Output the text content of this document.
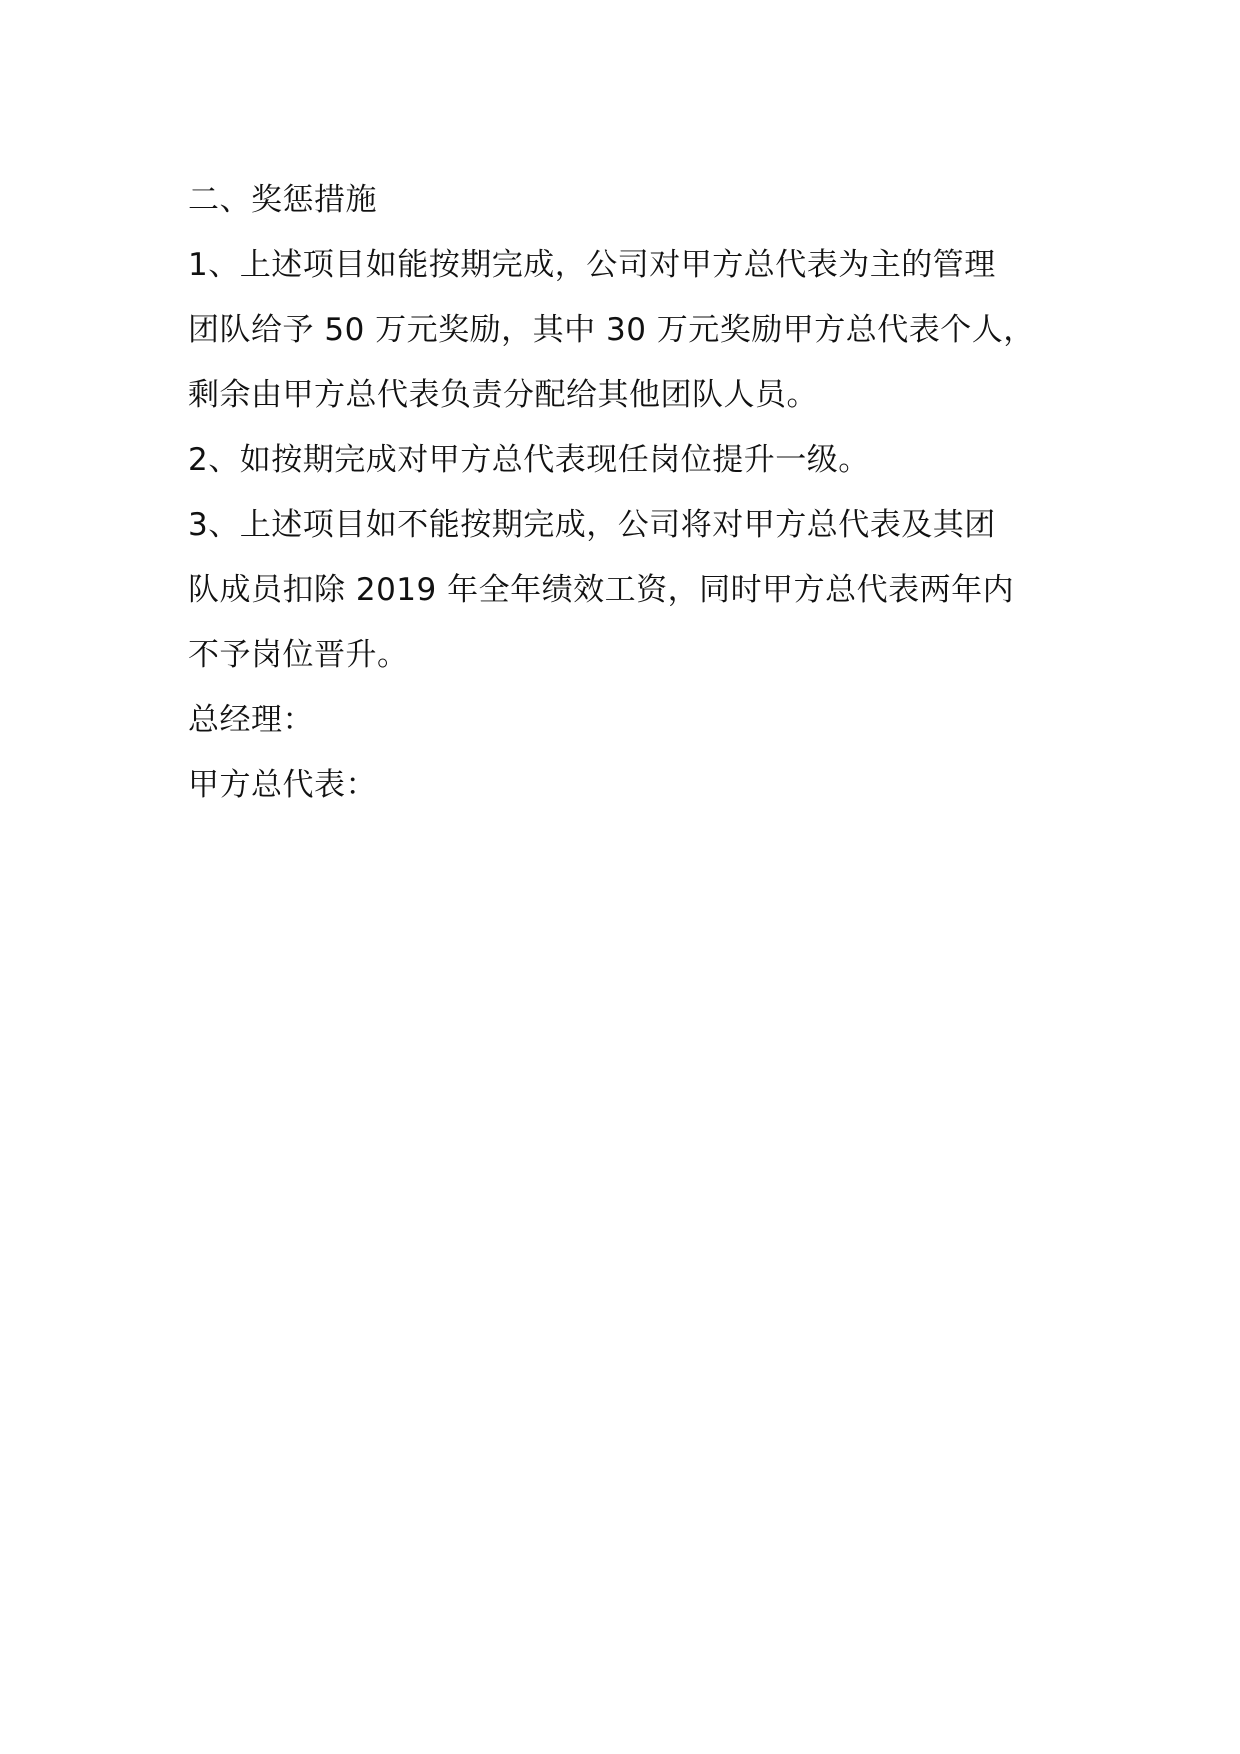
二、奖惩措施
1、上述项目如能按期完成，公司对甲方总代表为主的管理
团队给予 50 万元奖励，其中 30 万元奖励甲方总代表个人，
剩余由甲方总代表负责分配给其他团队人员。
2、如按期完成对甲方总代表现任岗位提升一级。
3、上述项目如不能按期完成，公司将对甲方总代表及其团
队成员扣除 2019 年全年绩效工资，同时甲方总代表两年内
不予岗位晋升。
总经理：
甲方总代表：
